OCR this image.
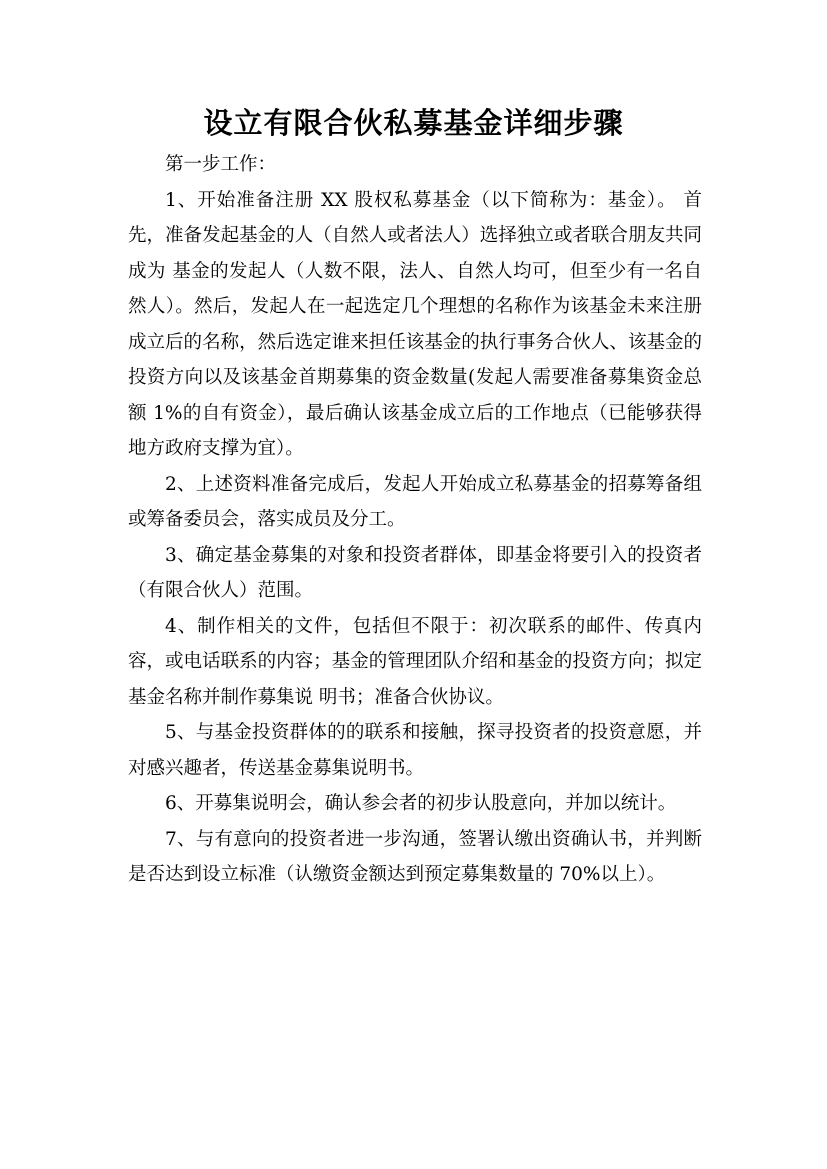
设立有限合伙私募基金详细步骤

第一步工作：

1、开始准备注册 XX 股权私募基金（以下简称为：基金）。 首先，准备发起基金的人（自然人或者法人）选择独立或者联合朋友共同成为 基金的发起人（人数不限，法人、自然人均可，但至少有一名自然人）。然后，发起人在一起选定几个理想的名称作为该基金未来注册成立后的名称，然后选定谁来担任该基金的执行事务合伙人、该基金的投资方向以及该基金首期募集的资金数量(发起人需要准备募集资金总额 1%的自有资金），最后确认该基金成立后的工作地点（已能够获得地方政府支撑为宜）。

2、上述资料准备完成后，发起人开始成立私募基金的招募筹备组或筹备委员会，落实成员及分工。

3、确定基金募集的对象和投资者群体，即基金将要引入的投资者（有限合伙人）范围。

4、制作相关的文件，包括但不限于：初次联系的邮件、传真内容，或电话联系的内容；基金的管理团队介绍和基金的投资方向；拟定基金名称并制作募集说 明书；准备合伙协议。

5、与基金投资群体的的联系和接触，探寻投资者的投资意愿，并对感兴趣者，传送基金募集说明书。

6、开募集说明会，确认参会者的初步认股意向，并加以统计。

7、与有意向的投资者进一步沟通，签署认缴出资确认书，并判断是否达到设立标准（认缴资金额达到预定募集数量的 70%以上）。
